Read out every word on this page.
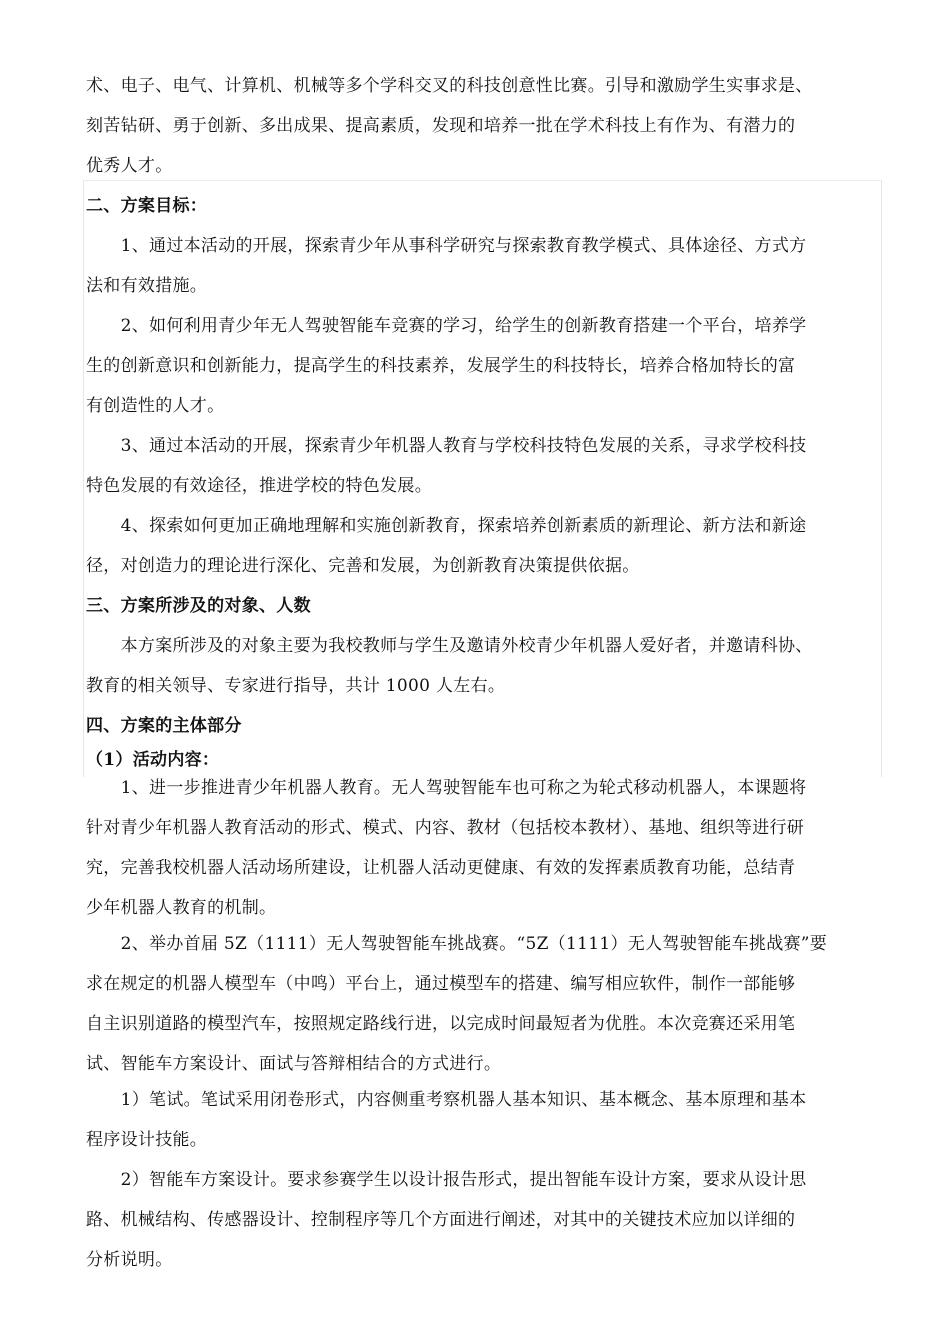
术、电子、电气、计算机、机械等多个学科交叉的科技创意性比赛。引导和激励学生实事求是、
刻苦钻研、勇于创新、多出成果、提高素质，发现和培养一批在学术科技上有作为、有潜力的
优秀人才。
二、方案目标：
　　1、通过本活动的开展，探索青少年从事科学研究与探索教育教学模式、具体途径、方式方
法和有效措施。
　　2、如何利用青少年无人驾驶智能车竞赛的学习，给学生的创新教育搭建一个平台，培养学
生的创新意识和创新能力，提高学生的科技素养，发展学生的科技特长，培养合格加特长的富
有创造性的人才。
　　3、通过本活动的开展，探索青少年机器人教育与学校科技特色发展的关系，寻求学校科技
特色发展的有效途径，推进学校的特色发展。
　　4、探索如何更加正确地理解和实施创新教育，探索培养创新素质的新理论、新方法和新途
径，对创造力的理论进行深化、完善和发展，为创新教育决策提供依据。
三、方案所涉及的对象、人数
　　本方案所涉及的对象主要为我校教师与学生及邀请外校青少年机器人爱好者，并邀请科协、
教育的相关领导、专家进行指导，共计 1000 人左右。
四、方案的主体部分
（1）活动内容：
　　1、进一步推进青少年机器人教育。无人驾驶智能车也可称之为轮式移动机器人，本课题将
针对青少年机器人教育活动的形式、模式、内容、教材（包括校本教材）、基地、组织等进行研
究，完善我校机器人活动场所建设，让机器人活动更健康、有效的发挥素质教育功能，总结青
少年机器人教育的机制。
　　2、举办首届 5Z（1111）无人驾驶智能车挑战赛。“5Z（1111）无人驾驶智能车挑战赛”要
求在规定的机器人模型车（中鸣）平台上，通过模型车的搭建、编写相应软件，制作一部能够
自主识别道路的模型汽车，按照规定路线行进，以完成时间最短者为优胜。本次竞赛还采用笔
试、智能车方案设计、面试与答辩相结合的方式进行。
　　1）笔试。笔试采用闭卷形式，内容侧重考察机器人基本知识、基本概念、基本原理和基本
程序设计技能。
　　2）智能车方案设计。要求参赛学生以设计报告形式，提出智能车设计方案，要求从设计思
路、机械结构、传感器设计、控制程序等几个方面进行阐述，对其中的关键技术应加以详细的
分析说明。
